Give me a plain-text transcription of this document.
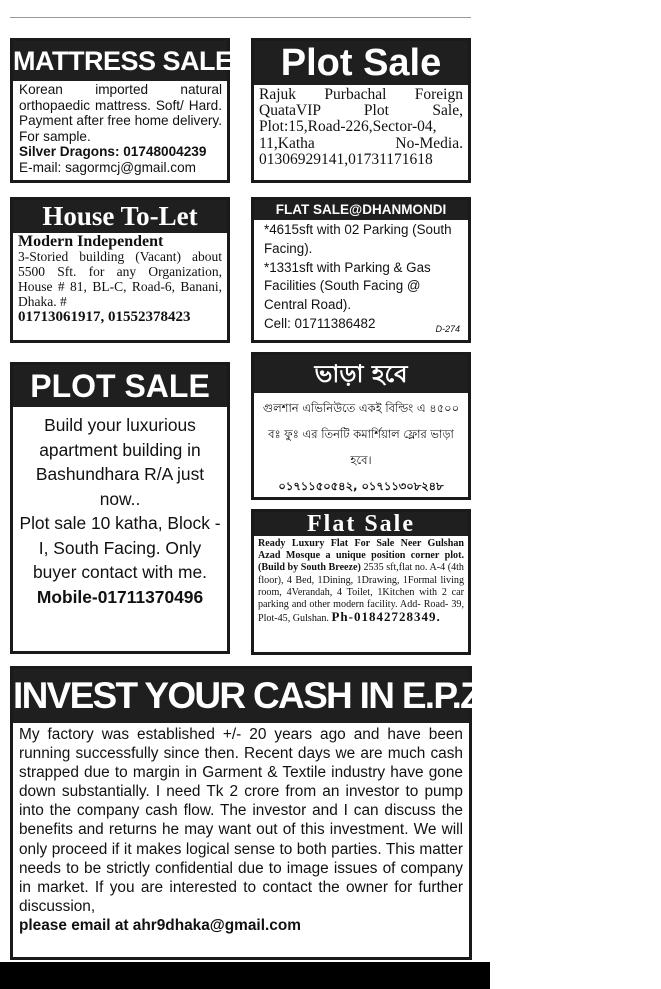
MATTRESS SALE
Korean imported natural orthopaedic mattress. Soft/ Hard. Payment after free home delivery. For sample.
Silver Dragons: 01748004239
E-mail: sagormcj@gmail.com
Plot Sale
Rajuk Purbachal Foreign QuataVIP Plot Sale, Plot:15,Road-226,Sector-04, 11,Katha No-Media. 01306929141,01731171618
House To-Let
Modern Independent
3-Storied building (Vacant) about 5500 Sft. for any Organization, House # 81, BL-C, Road-6, Banani, Dhaka. #
01713061917, 01552378423
FLAT SALE@DHANMONDI
*4615sft with 02 Parking (South Facing).
*1331sft with Parking & Gas Facilities (South Facing @ Central Road).
Cell: 01711386482	D-274
PLOT SALE
Build your luxurious apartment building in Bashundhara R/A just now..
Plot sale 10 katha, Block - I, South Facing. Only buyer contact with me.
Mobile-01711370496
ভাড়া হবে
গুলশান এভিনিউতে একই বিল্ডিং এ ৪৫০০ বঃ ফুঃ এর তিনটি কমার্শিয়াল ফ্লোর ভাড়া হবে।
০১৭১১৫০৫৪২, ০১৭১১৩০৮২৪৮
Flat Sale
Ready Luxury Flat For Sale Neer Gulshan Azad Mosque a unique position corner plot. (Build by South Breeze) 2535 sft,flat no. A-4 (4th floor), 4 Bed, 1Dining, 1Drawing, 1Formal living room, 4Verandah, 4 Toilet, 1Kitchen with 2 car parking and other modern facility. Add- Road- 39, Plot-45, Gulshan. Ph-01842728349.
INVEST YOUR CASH IN E.P.Z. FACTORY
My factory was established +/- 20 years ago and have been running successfully since then. Recent days we are much cash strapped due to margin in Garment & Textile industry have gone down substantially. I need Tk 2 crore from an investor to pump into the company cash flow. The investor and I can discuss the benefits and returns he may want out of this investment. We will only proceed if it makes logical sense to both parties. This matter needs to be strictly confidential due to image issues of company in market. If you are interested to contact the owner for further discussion,
please email at ahr9dhaka@gmail.com
